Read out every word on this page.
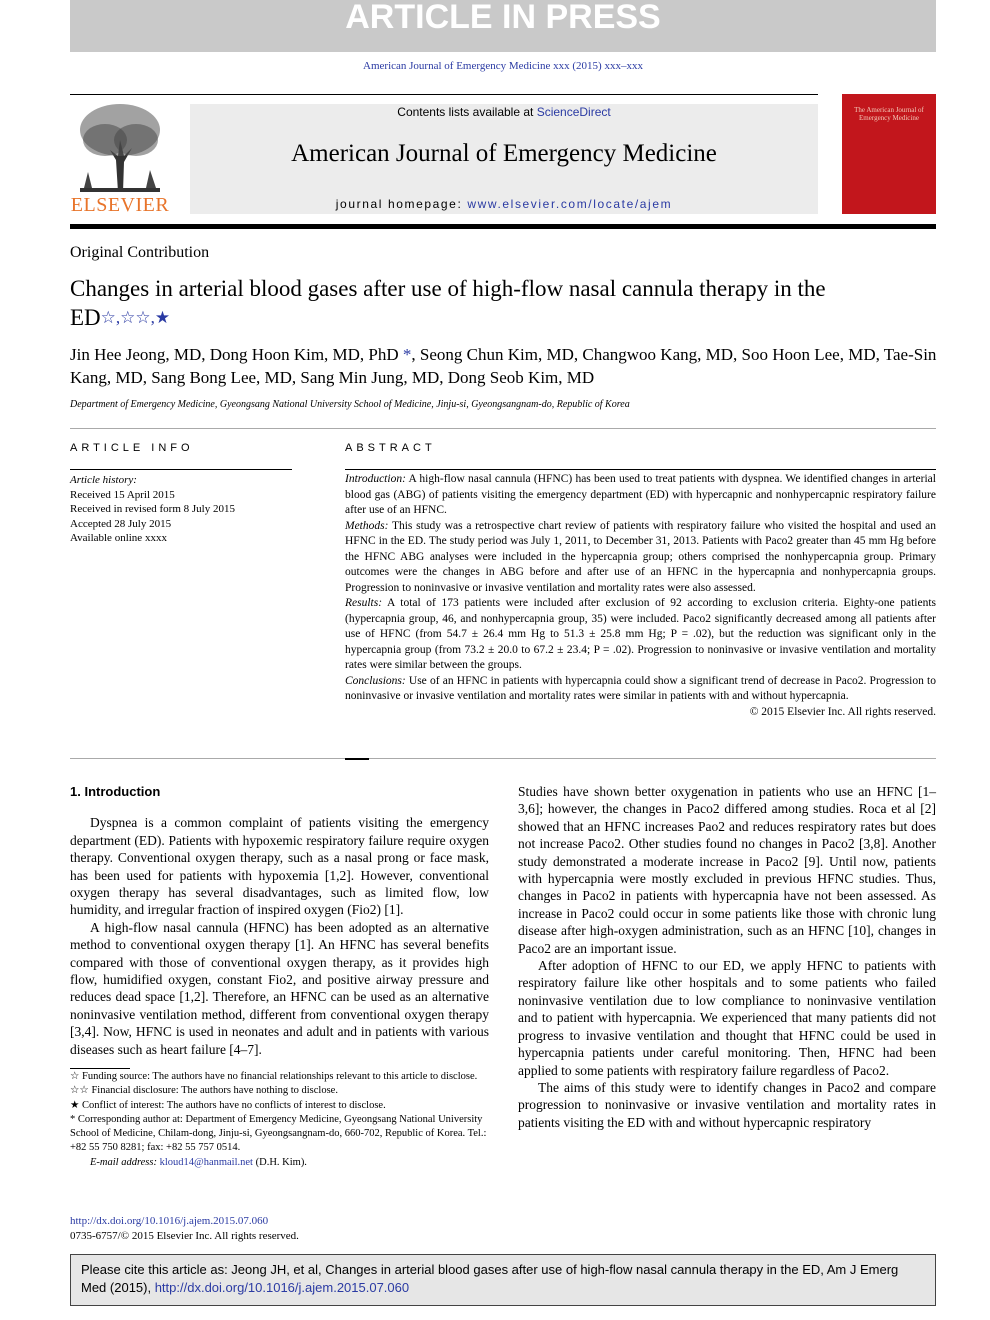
ARTICLE IN PRESS
American Journal of Emergency Medicine xxx (2015) xxx–xxx
ELSEVIER
Contents lists available at ScienceDirect
American Journal of Emergency Medicine
journal homepage: www.elsevier.com/locate/ajem
The American Journal of Emergency Medicine
Original Contribution
Changes in arterial blood gases after use of high-flow nasal cannula therapy in the ED☆,☆☆,★
Jin Hee Jeong, MD, Dong Hoon Kim, MD, PhD *, Seong Chun Kim, MD, Changwoo Kang, MD, Soo Hoon Lee, MD, Tae-Sin Kang, MD, Sang Bong Lee, MD, Sang Min Jung, MD, Dong Seob Kim, MD
Department of Emergency Medicine, Gyeongsang National University School of Medicine, Jinju-si, Gyeongsangnam-do, Republic of Korea
ARTICLE INFO	ABSTRACT
Article history:
Received 15 April 2015
Received in revised form 8 July 2015
Accepted 28 July 2015
Available online xxxx

Introduction: A high-flow nasal cannula (HFNC) has been used to treat patients with dyspnea. We identified changes in arterial blood gas (ABG) of patients visiting the emergency department (ED) with hypercapnic and nonhypercapnic respiratory failure after use of an HFNC.

Methods: This study was a retrospective chart review of patients with respiratory failure who visited the hospital and used an HFNC in the ED. The study period was July 1, 2011, to December 31, 2013. Patients with Paco2 greater than 45 mm Hg before the HFNC ABG analyses were included in the hypercapnia group; others comprised the nonhypercapnia group. Primary outcomes were the changes in ABG before and after use of an HFNC in the hypercapnia and nonhypercapnia groups. Progression to noninvasive or invasive ventilation and mortality rates were also assessed.

Results: A total of 173 patients were included after exclusion of 92 according to exclusion criteria. Eighty-one patients (hypercapnia group, 46, and nonhypercapnia group, 35) were included. Paco2 significantly decreased among all patients after use of HFNC (from 54.7 ± 26.4 mm Hg to 51.3 ± 25.8 mm Hg; P = .02), but the reduction was significant only in the hypercapnia group (from 73.2 ± 20.0 to 67.2 ± 23.4; P = .02). Progression to noninvasive or invasive ventilation and mortality rates were similar between the groups.

Conclusions: Use of an HFNC in patients with hypercapnia could show a significant trend of decrease in Paco2. Progression to noninvasive or invasive ventilation and mortality rates were similar in patients with and without hypercapnia.

© 2015 Elsevier Inc. All rights reserved.

1. Introduction

Dyspnea is a common complaint of patients visiting the emergency department (ED). Patients with hypoxemic respiratory failure require oxygen therapy. Conventional oxygen therapy, such as a nasal prong or face mask, has been used for patients with hypoxemia [1,2]. However, conventional oxygen therapy has several disadvantages, such as limited flow, low humidity, and irregular fraction of inspired oxygen (Fio2) [1].

A high-flow nasal cannula (HFNC) has been adopted as an alternative method to conventional oxygen therapy [1]. An HFNC has several benefits compared with those of conventional oxygen therapy, as it provides high flow, humidified oxygen, constant Fio2, and positive airway pressure and reduces dead space [1,2]. Therefore, an HFNC can be used as an alternative noninvasive ventilation method, different from conventional oxygen therapy [3,4]. Now, HFNC is used in neonates and adult and in patients with various diseases such as heart failure [4–7].

Studies have shown better oxygenation in patients who use an HFNC [1–3,6]; however, the changes in Paco2 differed among studies. Roca et al [2] showed that an HFNC increases Pao2 and reduces respiratory rates but does not increase Paco2. Other studies found no changes in Paco2 [3,8]. Another study demonstrated a moderate increase in Paco2 [9]. Until now, patients with hypercapnia were mostly excluded in previous HFNC studies. Thus, changes in Paco2 in patients with hypercapnia have not been assessed. As increase in Paco2 could occur in some patients like those with chronic lung disease after high-oxygen administration, such as an HFNC [10], changes in Paco2 are an important issue.

After adoption of HFNC to our ED, we apply HFNC to patients with respiratory failure like other hospitals and to some patients who failed noninvasive ventilation due to low compliance to noninvasive ventilation and to patient with hypercapnia. We experienced that many patients did not progress to invasive ventilation and thought that HFNC could be used in hypercapnia patients under careful monitoring. Then, HFNC had been applied to some patients with respiratory failure regardless of Paco2.

The aims of this study were to identify changes in Paco2 and compare progression to noninvasive or invasive ventilation and mortality rates in patients visiting the ED with and without hypercapnic respiratory

☆ Funding source: The authors have no financial relationships relevant to this article to disclose.
☆☆ Financial disclosure: The authors have nothing to disclose.
★ Conflict of interest: The authors have no conflicts of interest to disclose.
* Corresponding author at: Department of Emergency Medicine, Gyeongsang National University School of Medicine, Chilam-dong, Jinju-si, Gyeongsangnam-do, 660-702, Republic of Korea. Tel.: +82 55 750 8281; fax: +82 55 757 0514.
E-mail address: kloud14@hanmail.net (D.H. Kim).
http://dx.doi.org/10.1016/j.ajem.2015.07.060
0735-6757/© 2015 Elsevier Inc. All rights reserved.
Please cite this article as: Jeong JH, et al, Changes in arterial blood gases after use of high-flow nasal cannula therapy in the ED, Am J Emerg Med (2015), http://dx.doi.org/10.1016/j.ajem.2015.07.060
